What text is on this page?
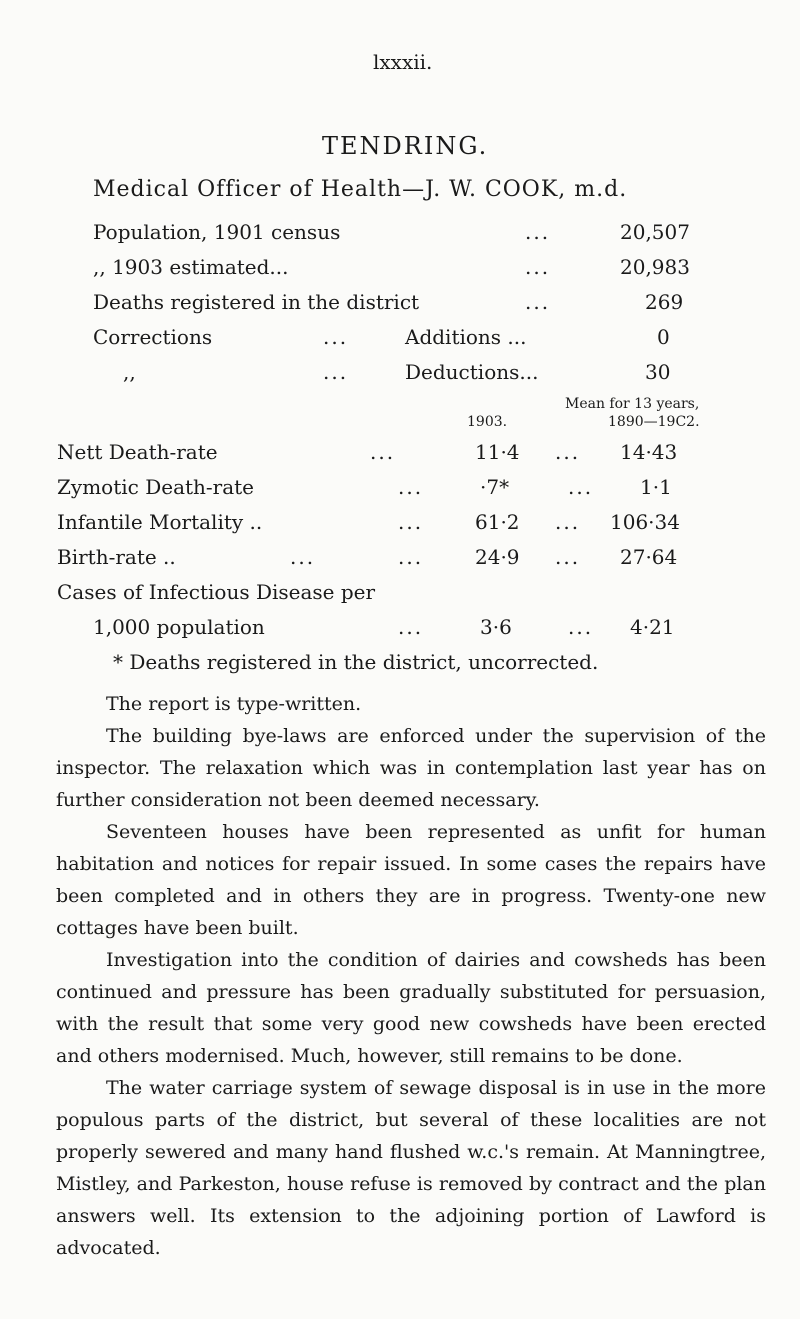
lxxxii.
TENDRING.
Medical Officer of Health—J. W. COOK, m.d.
Population, 1901 census	...	20,507
,, 1903 estimated...	...	20,983
Deaths registered in the district	...	269
Corrections	...	Additions ...	0
,,	...	Deductions...	30
Mean for 13 years,
1903.	1890—19C2.
Nett Death-rate	...	11·4 ... 14·43
Zymotic Death-rate	...	·7*	... 1·1
Infantile Mortality ..	...	61·2 ... 106·34
Birth-rate ..	...	...	24·9 ... 27·64
Cases of Infectious Disease per
1,000 population	...	3·6	... 4·21
* Deaths registered in the district, uncorrected.

The report is type-written.

The building bye-laws are enforced under the supervision of the inspector. The relaxation which was in contemplation last year has on further consideration not been deemed necessary.

Seventeen houses have been represented as unfit for human habitation and notices for repair issued. In some cases the repairs have been completed and in others they are in progress. Twenty-one new cottages have been built.

Investigation into the condition of dairies and cowsheds has been continued and pressure has been gradually substituted for persuasion, with the result that some very good new cowsheds have been erected and others modernised. Much, however, still remains to be done.

The water carriage system of sewage disposal is in use in the more populous parts of the district, but several of these localities are not properly sewered and many hand flushed w.c.'s remain. At Manningtree, Mistley, and Parkeston, house refuse is removed by contract and the plan answers well. Its extension to the adjoining portion of Lawford is advocated.
